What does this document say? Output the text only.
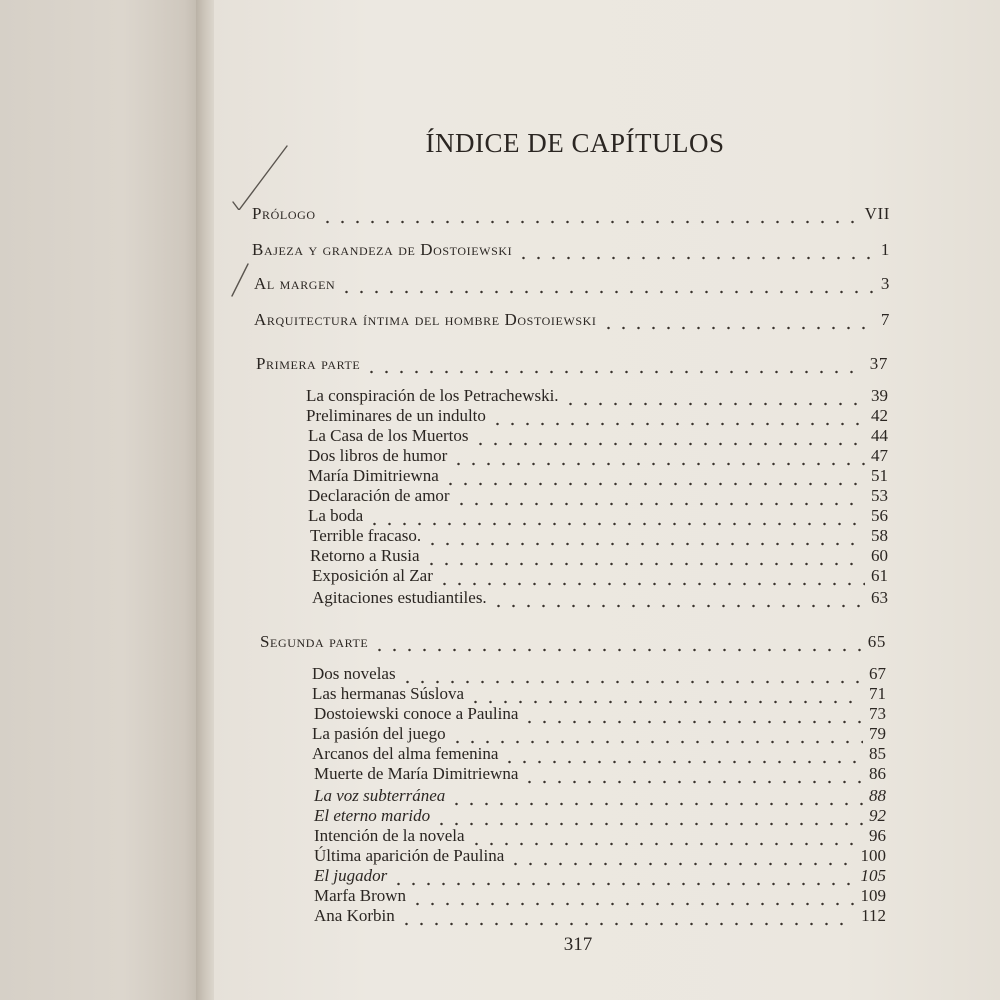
ÍNDICE DE CAPÍTULOS
Prólogo	VII
Bajeza y grandeza de Dostoiewski	1
Al margen	3
Arquitectura íntima del hombre Dostoiewski	7
Primera parte	37
La conspiración de los Petrachewski.	39
Preliminares de un indulto	42
La Casa de los Muertos	44
Dos libros de humor	47
María Dimitriewna	51
Declaración de amor	53
La boda	56
Terrible fracaso.	58
Retorno a Rusia	60
Exposición al Zar	61
Agitaciones estudiantiles.	63
Segunda parte	65
Dos novelas	67
Las hermanas Súslova	71
Dostoiewski conoce a Paulina	73
La pasión del juego	79
Arcanos del alma femenina	85
Muerte de María Dimitriewna	86
La voz subterránea	88
El eterno marido	92
Intención de la novela	96
Última aparición de Paulina	100
El jugador	105
Marfa Brown	109
Ana Korbin	112
317
